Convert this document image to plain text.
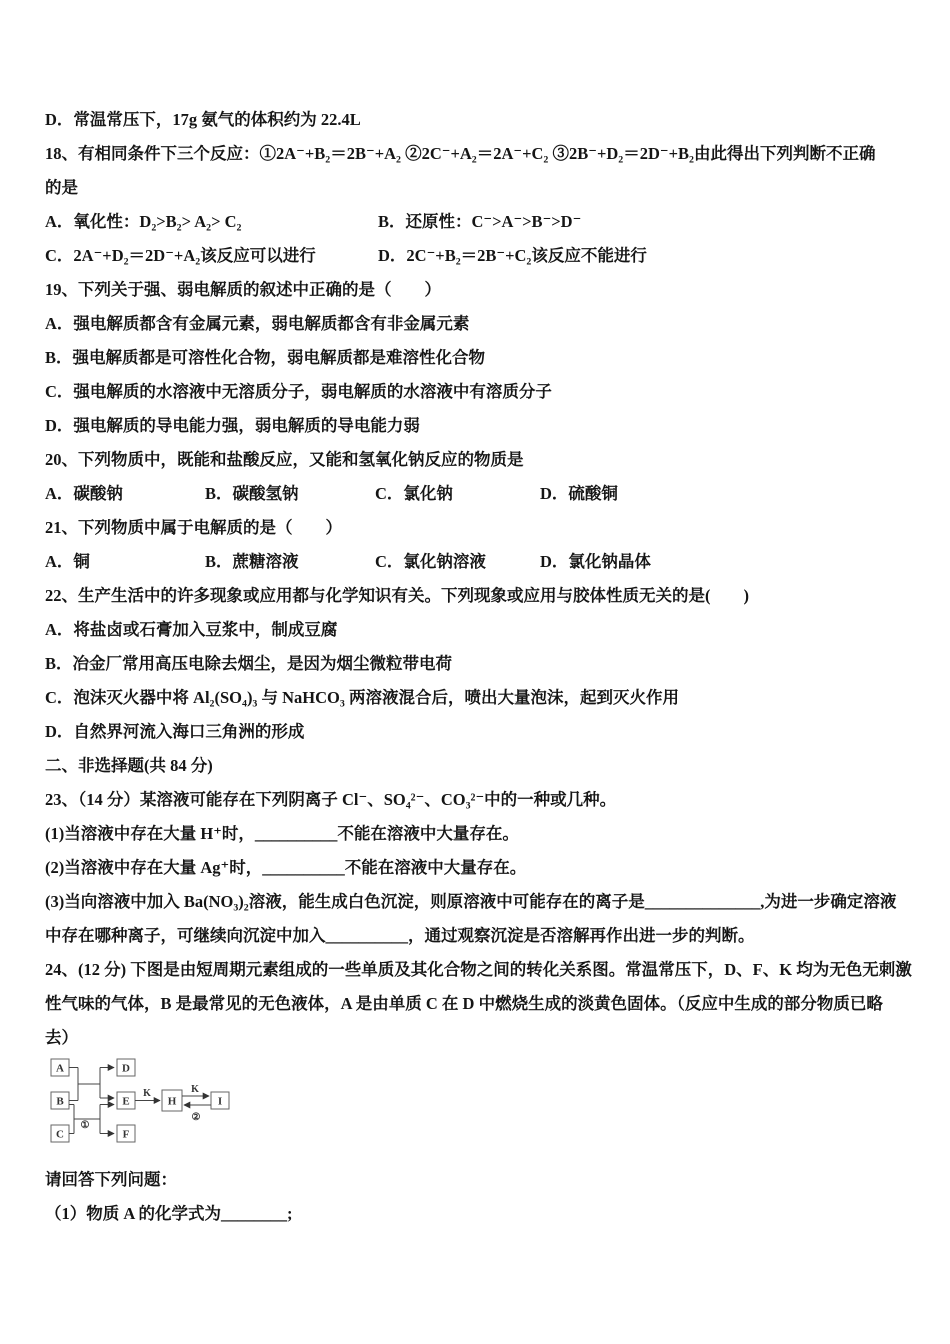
D．常温常压下，17g 氨气的体积约为 22.4L
18、有相同条件下三个反应：①2A⁻+B₂＝2B⁻+A₂ ②2C⁻+A₂＝2A⁻+C₂ ③2B⁻+D₂＝2D⁻+B₂由此得出下列判断不正确
的是
A．氧化性：D₂>B₂> A₂> C₂	B．还原性：C⁻>A⁻>B⁻>D⁻
C．2A⁻+D₂＝2D⁻+A₂该反应可以进行	D．2C⁻+B₂＝2B⁻+C₂该反应不能进行
19、下列关于强、弱电解质的叙述中正确的是（　　）
A．强电解质都含有金属元素，弱电解质都含有非金属元素
B．强电解质都是可溶性化合物，弱电解质都是难溶性化合物
C．强电解质的水溶液中无溶质分子，弱电解质的水溶液中有溶质分子
D．强电解质的导电能力强，弱电解质的导电能力弱
20、下列物质中，既能和盐酸反应，又能和氢氧化钠反应的物质是
A．碳酸钠	B．碳酸氢钠	C．氯化钠	D．硫酸铜
21、下列物质中属于电解质的是（　　）
A．铜	B．蔗糖溶液	C．氯化钠溶液	D．氯化钠晶体
22、生产生活中的许多现象或应用都与化学知识有关。下列现象或应用与胶体性质无关的是(　　)
A．将盐卤或石膏加入豆浆中，制成豆腐
B．冶金厂常用高压电除去烟尘，是因为烟尘微粒带电荷
C．泡沫灭火器中将 Al₂(SO₄)₃ 与 NaHCO₃ 两溶液混合后，喷出大量泡沫，起到灭火作用
D．自然界河流入海口三角洲的形成
二、非选择题(共 84 分)
23、（14 分）某溶液可能存在下列阴离子 Cl⁻、SO₄²⁻、CO₃²⁻中的一种或几种。
(1)当溶液中存在大量 H⁺时，__________不能在溶液中大量存在。
(2)当溶液中存在大量 Ag⁺时，__________不能在溶液中大量存在。
(3)当向溶液中加入 Ba(NO₃)₂溶液，能生成白色沉淀，则原溶液中可能存在的离子是______________,为进一步确定溶液
中存在哪种离子，可继续向沉淀中加入__________，通过观察沉淀是否溶解再作出进一步的判断。
24、(12 分) 下图是由短周期元素组成的一些单质及其化合物之间的转化关系图。常温常压下，D、F、K 均为无色无刺激
性气味的气体，B 是最常见的无色液体，A 是由单质 C 在 D 中燃烧生成的淡黄色固体。（反应中生成的部分物质已略
去）
A
B
C
D
E
F
H	I
①
K	K
②
请回答下列问题：
（1）物质 A 的化学式为________;
